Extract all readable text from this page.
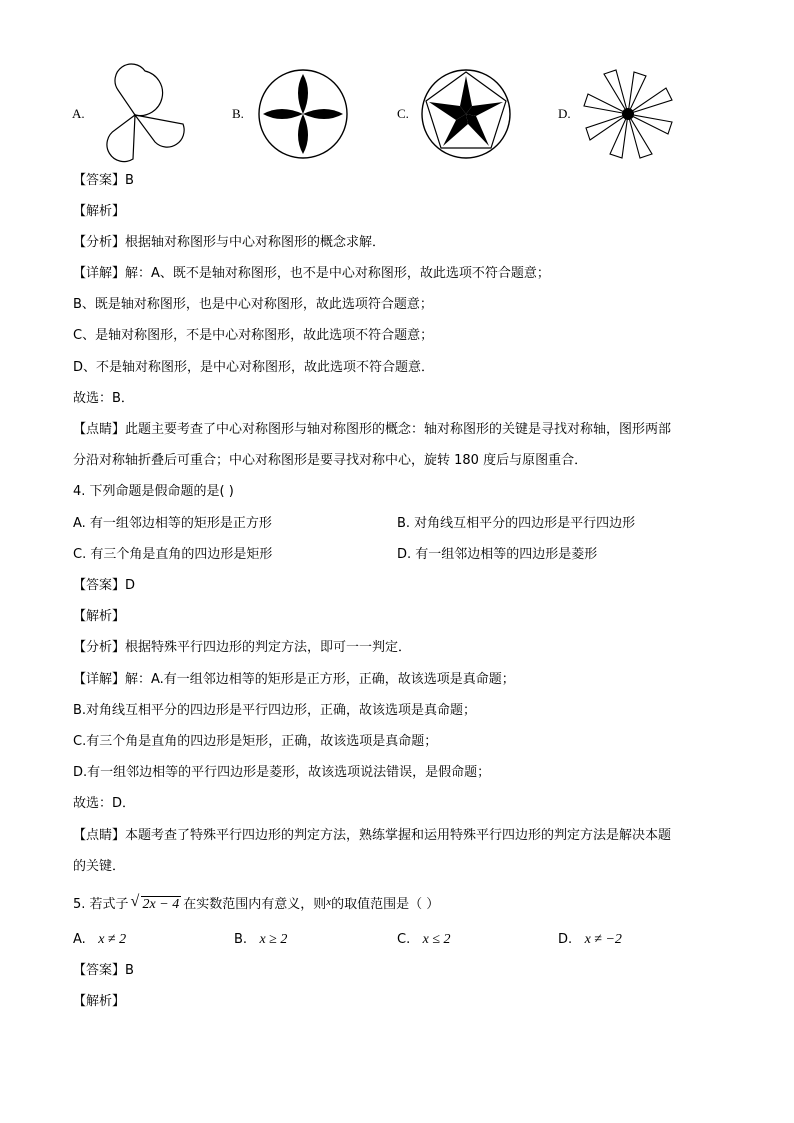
A.	B.	C.	D.
【答案】B
【解析】
【分析】根据轴对称图形与中心对称图形的概念求解．
【详解】解：A、既不是轴对称图形，也不是中心对称图形，故此选项不符合题意；
B、既是轴对称图形，也是中心对称图形，故此选项符合题意；
C、是轴对称图形，不是中心对称图形，故此选项不符合题意；
D、不是轴对称图形，是中心对称图形，故此选项不符合题意．
故选：B．
【点睛】此题主要考查了中心对称图形与轴对称图形的概念：轴对称图形的关键是寻找对称轴，图形两部
分沿对称轴折叠后可重合；中心对称图形是要寻找对称中心，旋转 180 度后与原图重合．
4. 下列命题是假命题的是( )
A. 有一组邻边相等的矩形是正方形	B. 对角线互相平分的四边形是平行四边形
C. 有三个角是直角的四边形是矩形	D. 有一组邻边相等的四边形是菱形
【答案】D
【解析】
【分析】根据特殊平行四边形的判定方法，即可一一判定．
【详解】解：A.有一组邻边相等的矩形是正方形，正确，故该选项是真命题；
B.对角线互相平分的四边形是平行四边形，正确，故该选项是真命题；
C.有三个角是直角的四边形是矩形，正确，故该选项是真命题；
D.有一组邻边相等的平行四边形是菱形，故该选项说法错误，是假命题；
故选：D．
【点睛】本题考查了特殊平行四边形的判定方法，熟练掌握和运用特殊平行四边形的判定方法是解决本题
的关键．
5. 若式子 √ 2x − 4 在实数范围内有意义，则$^x$的取值范围是（ ）
A. x ≠ 2	B. x ≥ 2	C. x ≤ 2	D. x ≠ −2
【答案】B
【解析】
